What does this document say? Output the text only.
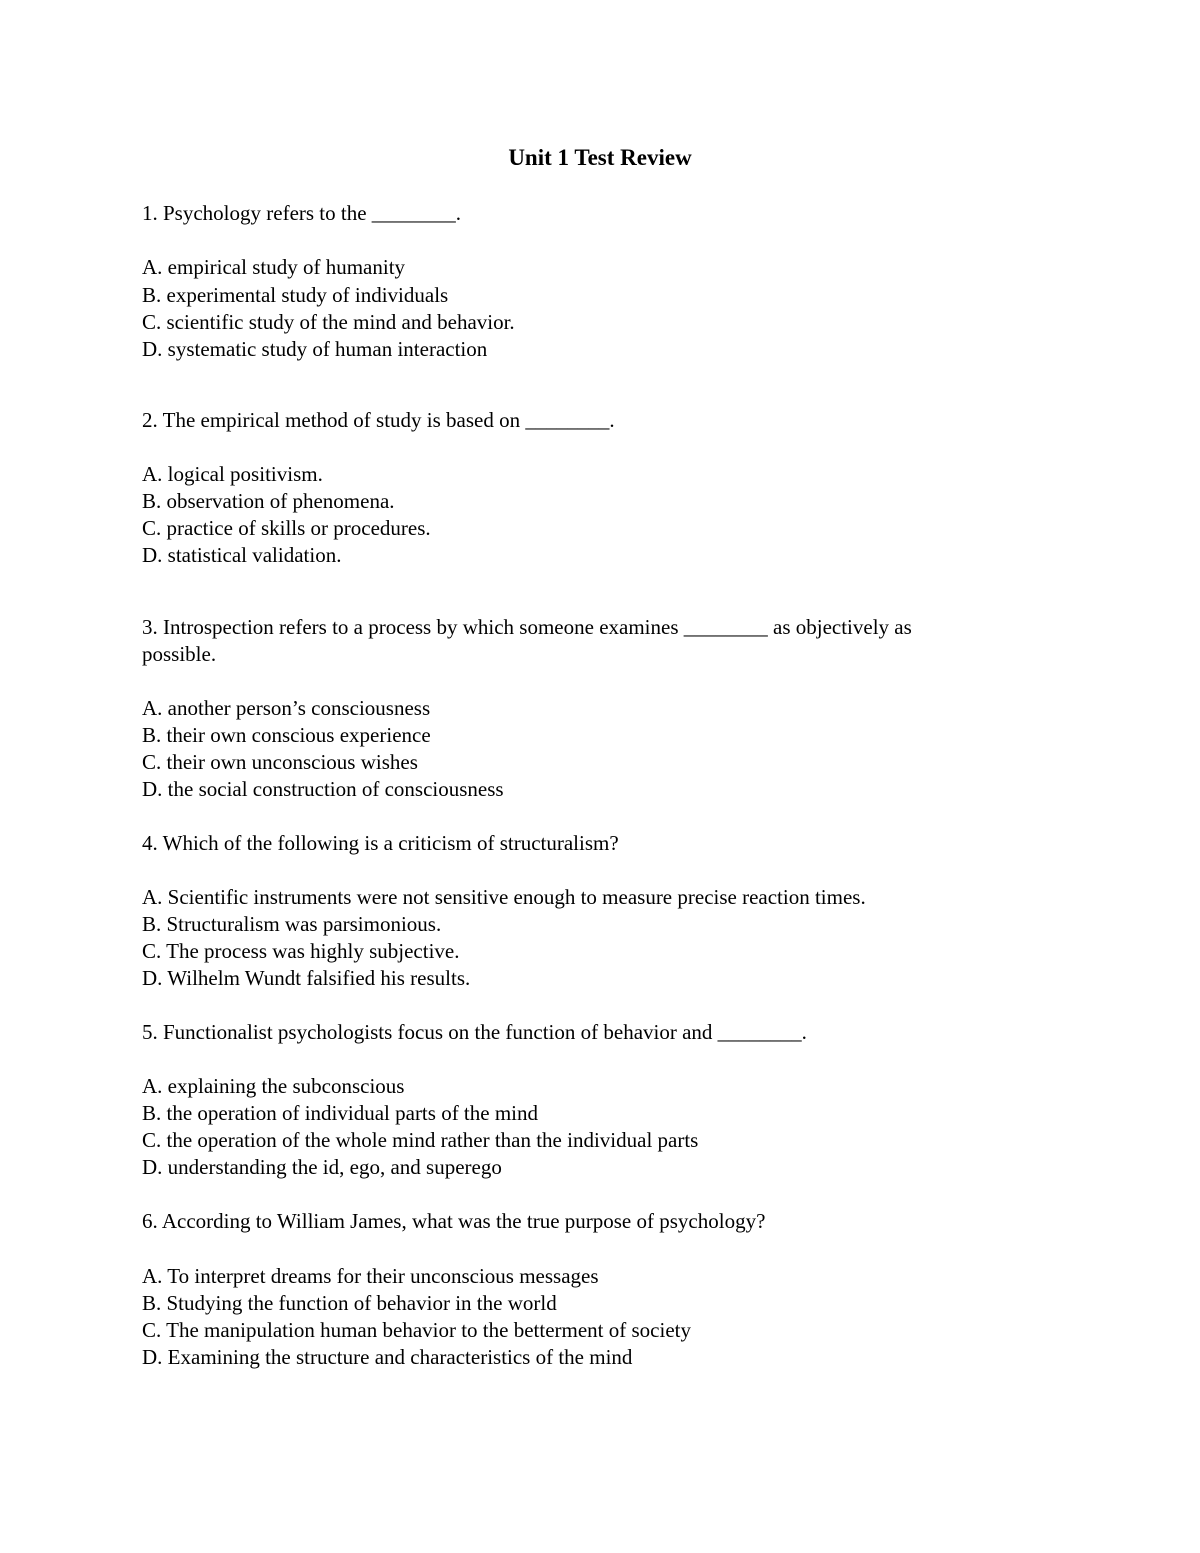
Unit 1 Test Review
1. Psychology refers to the ________.
A. empirical study of humanity
B. experimental study of individuals
C. scientific study of the mind and behavior.
D. systematic study of human interaction
2. The empirical method of study is based on ________.
A. logical positivism.
B. observation of phenomena.
C. practice of skills or procedures.
D. statistical validation.
3. Introspection refers to a process by which someone examines ________ as objectively as
possible.
A. another person’s consciousness
B. their own conscious experience
C. their own unconscious wishes
D. the social construction of consciousness
4. Which of the following is a criticism of structuralism?
A. Scientific instruments were not sensitive enough to measure precise reaction times.
B. Structuralism was parsimonious.
C. The process was highly subjective.
D. Wilhelm Wundt falsified his results.
5. Functionalist psychologists focus on the function of behavior and ________.
A. explaining the subconscious
B. the operation of individual parts of the mind
C. the operation of the whole mind rather than the individual parts
D. understanding the id, ego, and superego
6. According to William James, what was the true purpose of psychology?
A. To interpret dreams for their unconscious messages
B. Studying the function of behavior in the world
C. The manipulation human behavior to the betterment of society
D. Examining the structure and characteristics of the mind
